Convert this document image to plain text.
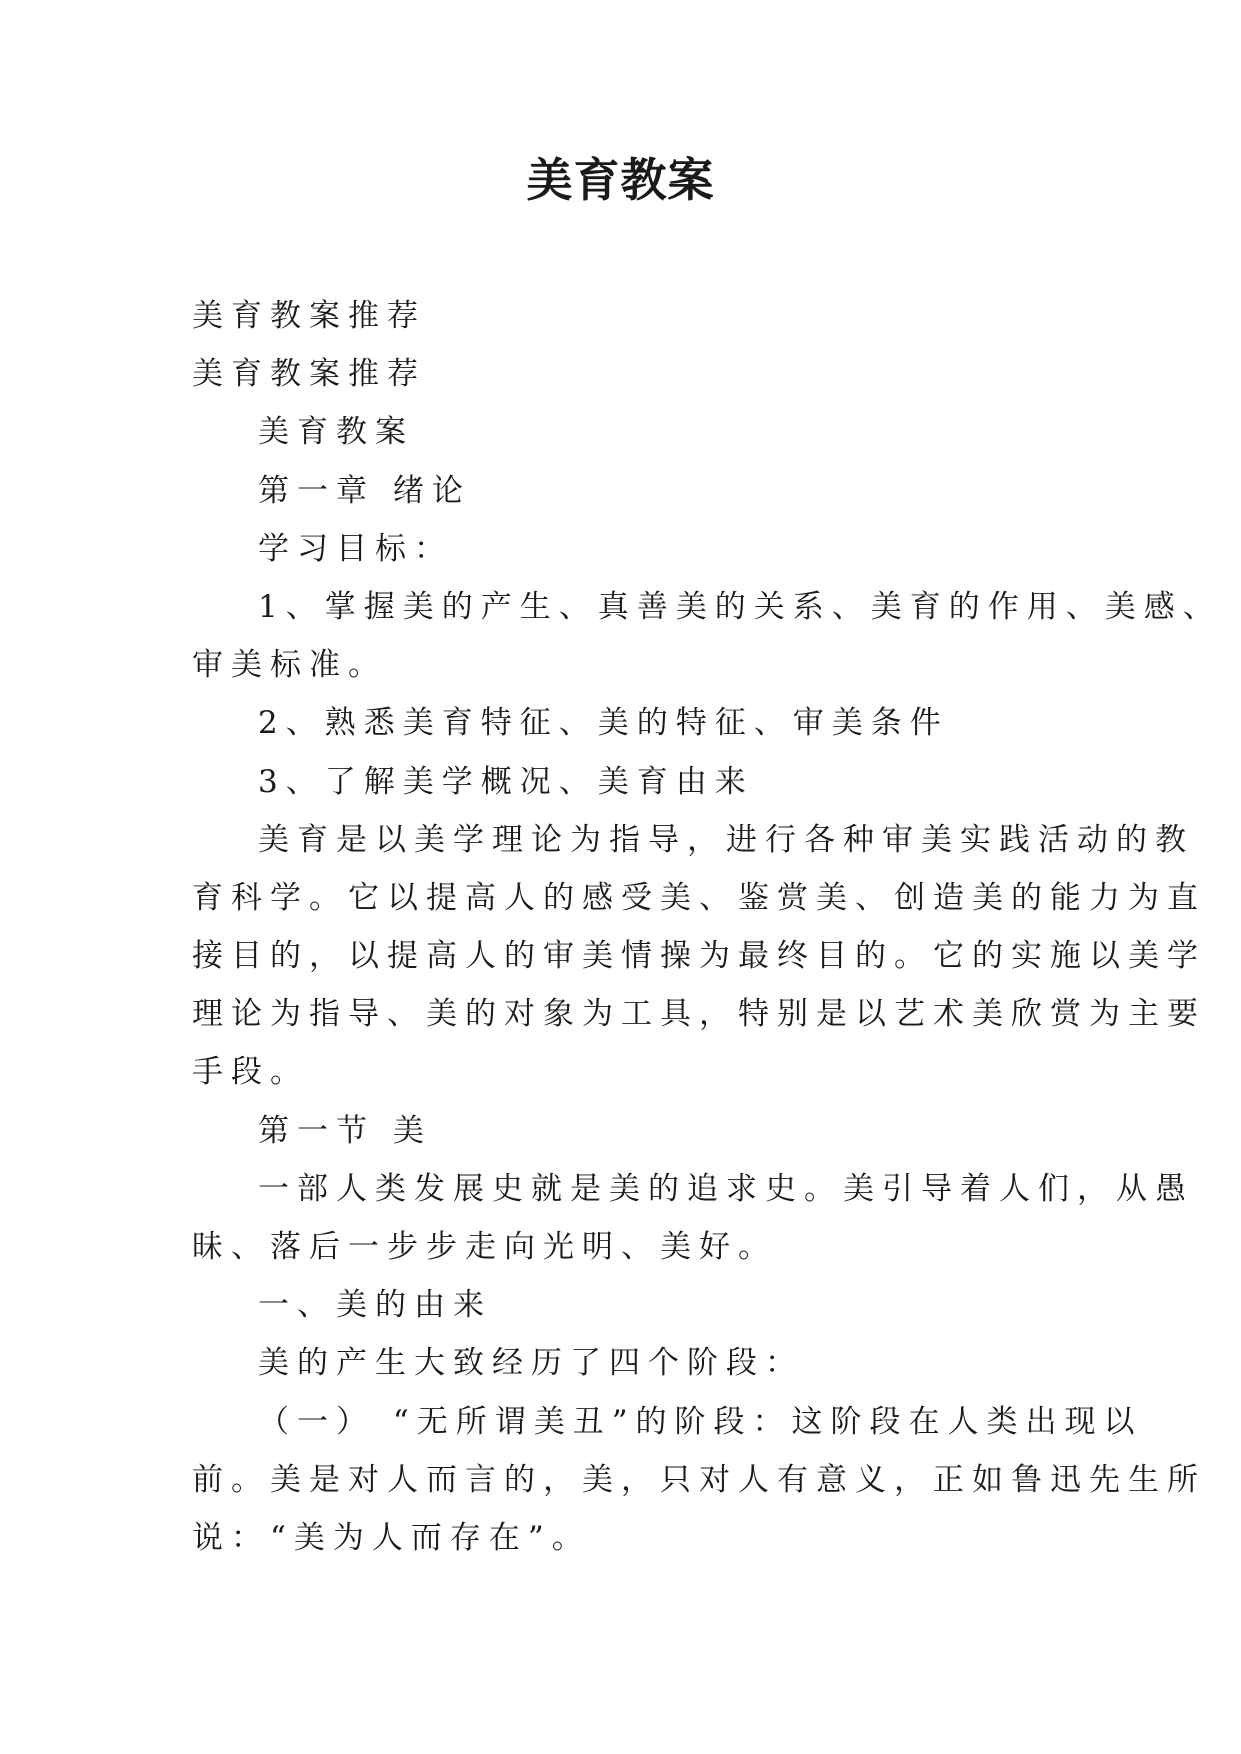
美育教案
美育教案推荐
美育教案推荐
美育教案
第一章 绪论
学习目标：
1、掌握美的产生、真善美的关系、美育的作用、美感、
审美标准。
2、熟悉美育特征、美的特征、审美条件
3、了解美学概况、美育由来
美育是以美学理论为指导，进行各种审美实践活动的教
育科学。它以提高人的感受美、鉴赏美、创造美的能力为直
接目的，以提高人的审美情操为最终目的。它的实施以美学
理论为指导、美的对象为工具，特别是以艺术美欣赏为主要
手段。
第一节 美
一部人类发展史就是美的追求史。美引导着人们，从愚
昧、落后一步步走向光明、美好。
一、美的由来
美的产生大致经历了四个阶段：
（一） “无所谓美丑”的阶段：这阶段在人类出现以
前。美是对人而言的，美，只对人有意义，正如鲁迅先生所
说：“美为人而存在”。
